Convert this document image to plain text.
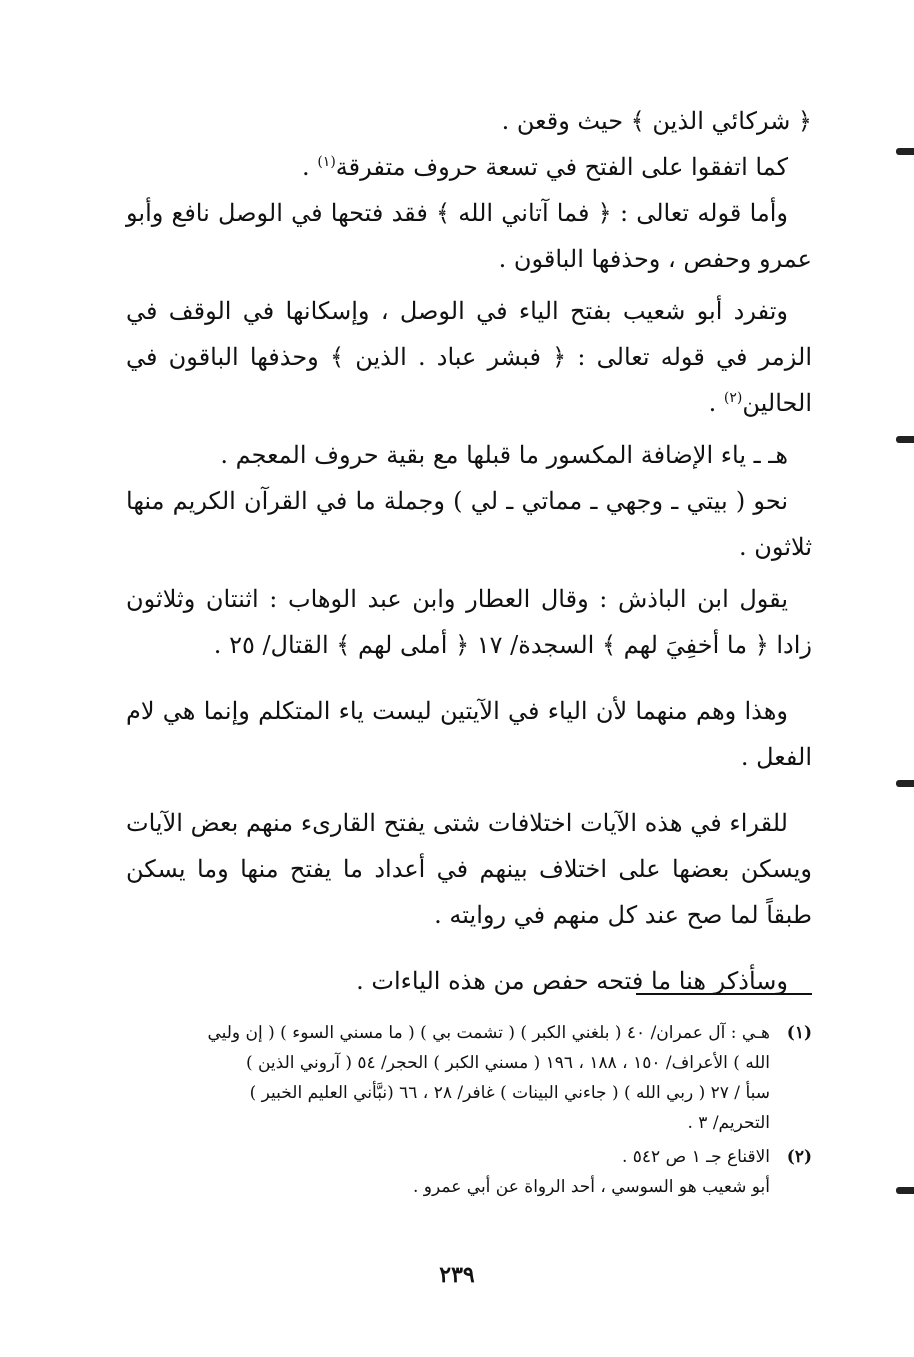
﴿ شركائي الذين ﴾ حيث وقعن .

كما اتفقوا على الفتح في تسعة حروف متفرقة$^{(١)}$ .

وأما قوله تعالى : ﴿ فما آتاني الله ﴾ فقد فتحها في الوصل نافع وأبو عمرو وحفص ، وحذفها الباقون .

وتفرد أبو شعيب بفتح الياء في الوصل ، وإسكانها في الوقف في الزمر في قوله تعالى : ﴿ فبشر عباد . الذين ﴾ وحذفها الباقون في الحالين$^{(٢)}$ .

هـ ـ ياء الإضافة المكسور ما قبلها مع بقية حروف المعجم .

نحو ( بيتي ـ وجهي ـ مماتي ـ لي ) وجملة ما في القرآن الكريم منها ثلاثون .

يقول ابن الباذش : وقال العطار وابن عبد الوهاب : اثنتان وثلاثون زادا ﴿ ما أخفِيَ لهم ﴾ السجدة/ ١٧ ﴿ أملى لهم ﴾ القتال/ ٢٥ .

وهذا وهم منهما لأن الياء في الآيتين ليست ياء المتكلم وإنما هي لام الفعل .

للقراء في هذه الآيات اختلافات شتى يفتح القارىء منهم بعض الآيات ويسكن بعضها على اختلاف بينهم في أعداد ما يفتح منها وما يسكن طبقاً لما صح عند كل منهم في روايته .

وسأذكر هنا ما فتحه حفص من هذه الياءات .

(١)
هـي : آل عمران/ ٤٠ ( بلغني الكبر ) ( تشمت بي ) ( ما مسني السوء ) ( إن وليي
الله ) الأعراف/ ١٥٠ ، ١٨٨ ، ١٩٦ ( مسني الكبر ) الحجر/ ٥٤ ( آروني الذين )
سبأ / ٢٧ ( ربي الله ) ( جاءني البينات ) غافر/ ٢٨ ، ٦٦ (نبَّأني العليم الخبير )
التحريم/ ٣ .
(٢)
الاقناع جـ ١ ص ٥٤٢ .
أبو شعيب هو السوسي ، أحد الرواة عن أبي عمرو .
٢٣٩
